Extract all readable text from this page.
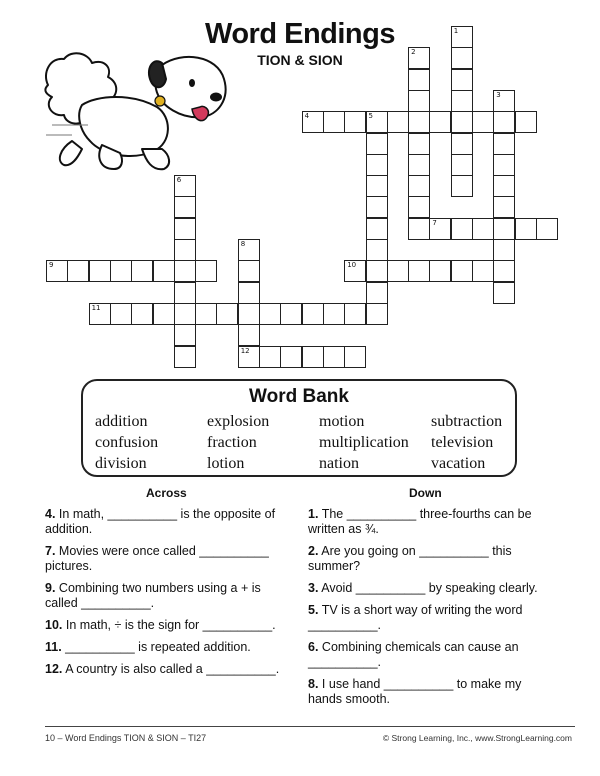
Word Endings
TION & SION
1
2
3
4	5
6
7
8
12
9	10
11
Word Bank
addition	explosion	motion	subtraction
confusion	fraction	multiplication	television
division	lotion	nation	vacation
Across	Down
4. In math, __________ is the opposite of addition.
7. Movies were once called __________ pictures.
9. Combining two numbers using a + is called __________.
10. In math, ÷ is the sign for __________.
11. __________ is repeated addition.
12. A country is also called a __________.
1. The __________ three-fourths can be written as ¾.
2. Are you going on __________ this summer?
3. Avoid __________ by speaking clearly.
5. TV is a short way of writing the word __________.
6. Combining chemicals can cause an __________.
8. I use hand __________ to make my hands smooth.
10 – Word Endings TION & SION – TI27	© Strong Learning, Inc., www.StrongLearning.com
